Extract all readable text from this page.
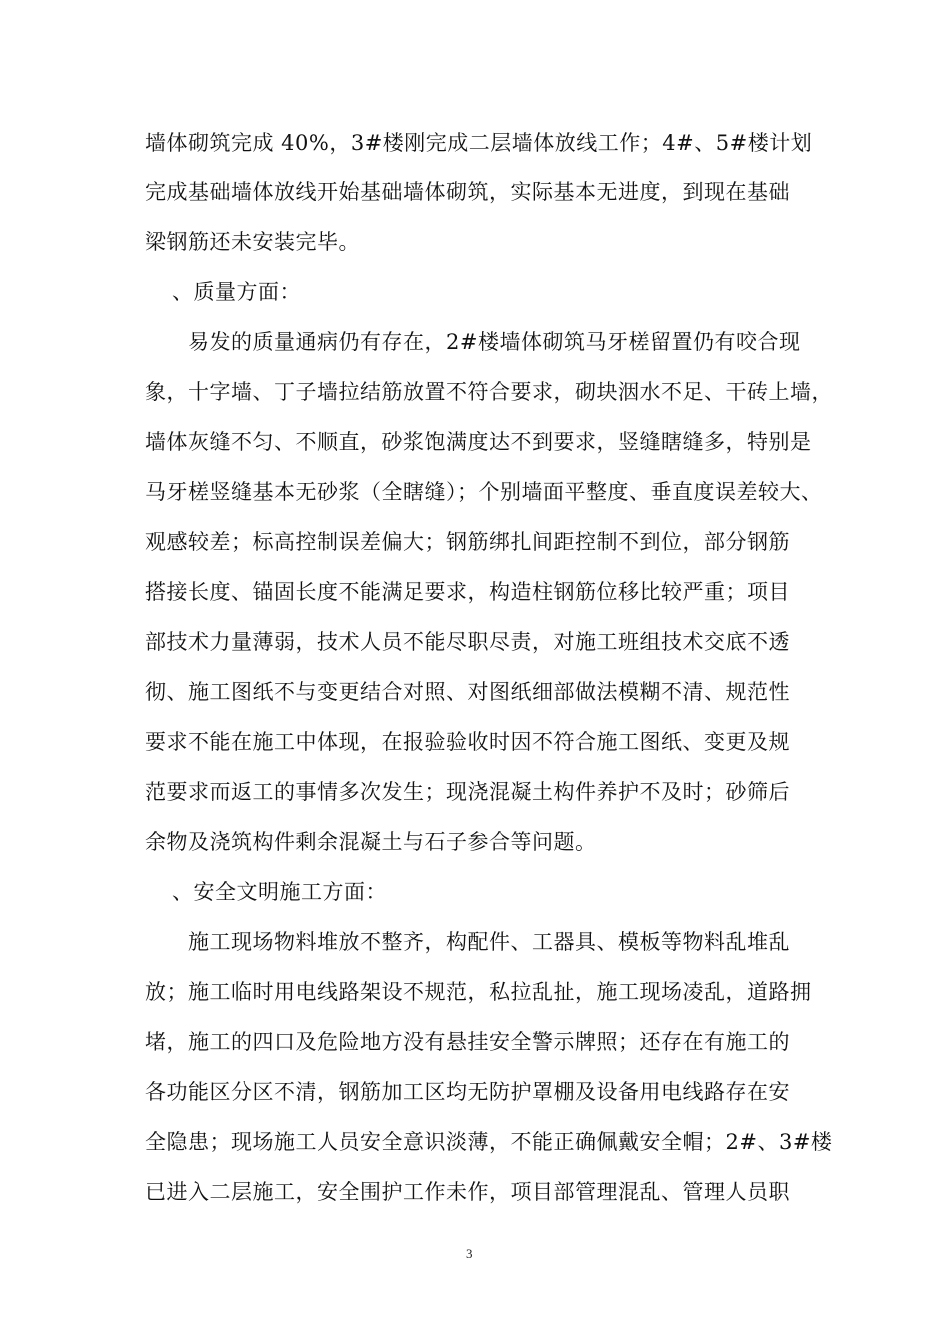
墙体砌筑完成 40%，3#楼刚完成二层墙体放线工作；4#、5#楼计划
完成基础墙体放线开始基础墙体砌筑，实际基本无进度，到现在基础
梁钢筋还未安装完毕。
、质量方面：
易发的质量通病仍有存在，2#楼墙体砌筑马牙槎留置仍有咬合现
象，十字墙、丁子墙拉结筋放置不符合要求，砌块洇水不足、干砖上墙，
墙体灰缝不匀、不顺直，砂浆饱满度达不到要求，竖缝瞎缝多，特别是
马牙槎竖缝基本无砂浆（全瞎缝）；个别墙面平整度、垂直度误差较大、
观感较差；标高控制误差偏大；钢筋绑扎间距控制不到位，部分钢筋
搭接长度、锚固长度不能满足要求，构造柱钢筋位移比较严重；项目
部技术力量薄弱，技术人员不能尽职尽责，对施工班组技术交底不透
彻、施工图纸不与变更结合对照、对图纸细部做法模糊不清、规范性
要求不能在施工中体现，在报验验收时因不符合施工图纸、变更及规
范要求而返工的事情多次发生；现浇混凝土构件养护不及时；砂筛后
余物及浇筑构件剩余混凝土与石子参合等问题。
、安全文明施工方面：
施工现场物料堆放不整齐，构配件、工器具、模板等物料乱堆乱
放；施工临时用电线路架设不规范，私拉乱扯，施工现场凌乱，道路拥
堵，施工的四口及危险地方没有悬挂安全警示牌照；还存在有施工的
各功能区分区不清，钢筋加工区均无防护罩棚及设备用电线路存在安
全隐患；现场施工人员安全意识淡薄，不能正确佩戴安全帽；2#、3#楼
已进入二层施工，安全围护工作未作，项目部管理混乱、管理人员职
3
